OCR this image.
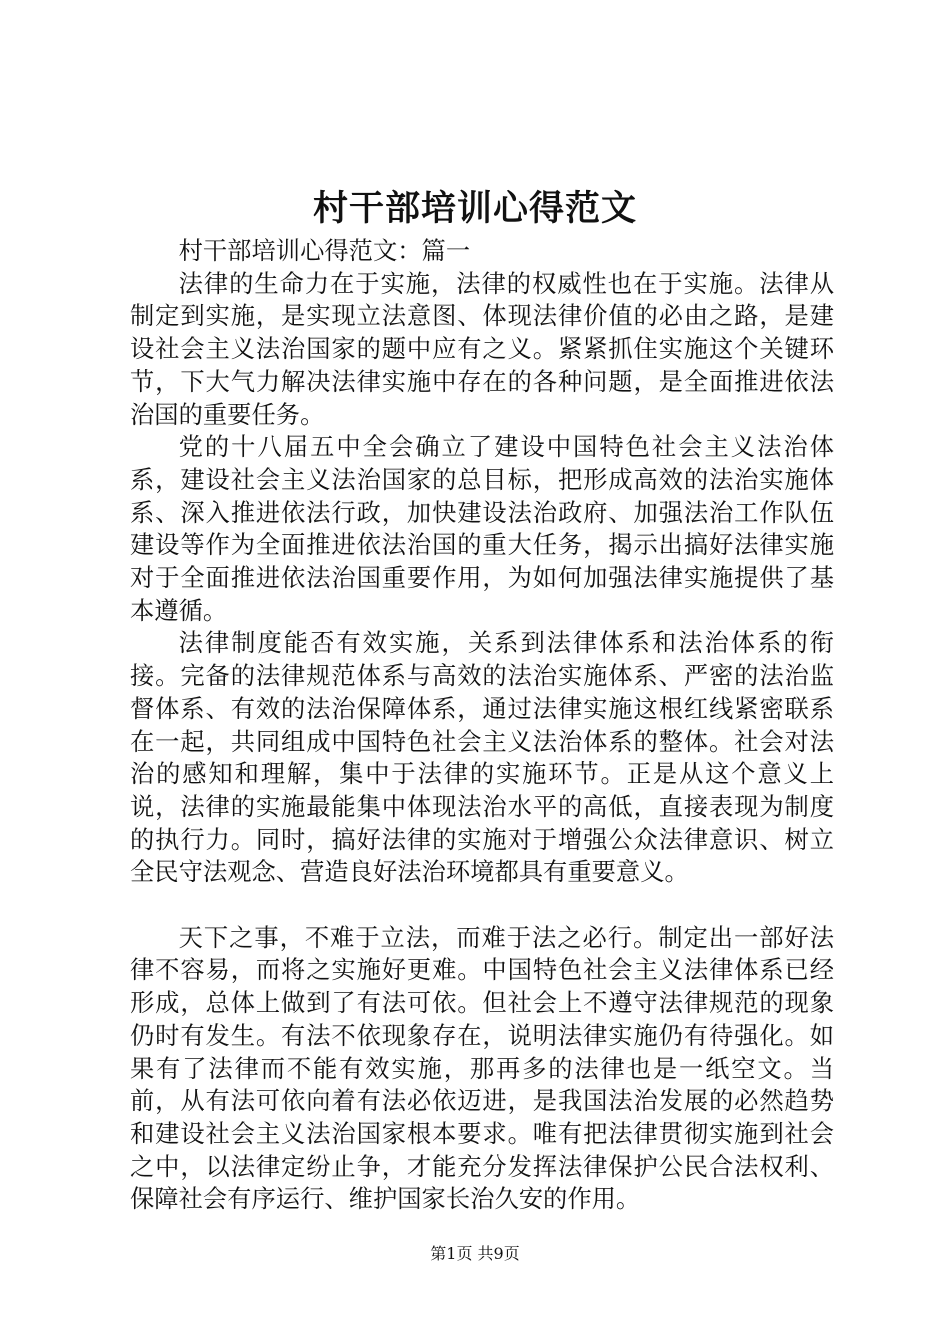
村干部培训心得范文

村干部培训心得范文：篇一

法律的生命力在于实施，法律的权威性也在于实施。法律从制定到实施，是实现立法意图、体现法律价值的必由之路，是建设社会主义法治国家的题中应有之义。紧紧抓住实施这个关键环节，下大气力解决法律实施中存在的各种问题，是全面推进依法治国的重要任务。

党的十八届五中全会确立了建设中国特色社会主义法治体系，建设社会主义法治国家的总目标，把形成高效的法治实施体系、深入推进依法行政，加快建设法治政府、加强法治工作队伍建设等作为全面推进依法治国的重大任务，揭示出搞好法律实施对于全面推进依法治国重要作用，为如何加强法律实施提供了基本遵循。

法律制度能否有效实施，关系到法律体系和法治体系的衔接。完备的法律规范体系与高效的法治实施体系、严密的法治监督体系、有效的法治保障体系，通过法律实施这根红线紧密联系在一起，共同组成中国特色社会主义法治体系的整体。社会对法治的感知和理解，集中于法律的实施环节。正是从这个意义上说，法律的实施最能集中体现法治水平的高低，直接表现为制度的执行力。同时，搞好法律的实施对于增强公众法律意识、树立全民守法观念、营造良好法治环境都具有重要意义。

天下之事，不难于立法，而难于法之必行。制定出一部好法律不容易，而将之实施好更难。中国特色社会主义法律体系已经形成，总体上做到了有法可依。但社会上不遵守法律规范的现象仍时有发生。有法不依现象存在，说明法律实施仍有待强化。如果有了法律而不能有效实施，那再多的法律也是一纸空文。当前，从有法可依向着有法必依迈进，是我国法治发展的必然趋势和建设社会主义法治国家根本要求。唯有把法律贯彻实施到社会之中，以法律定纷止争，才能充分发挥法律保护公民合法权利、保障社会有序运行、维护国家长治久安的作用。

第1页 共9页
